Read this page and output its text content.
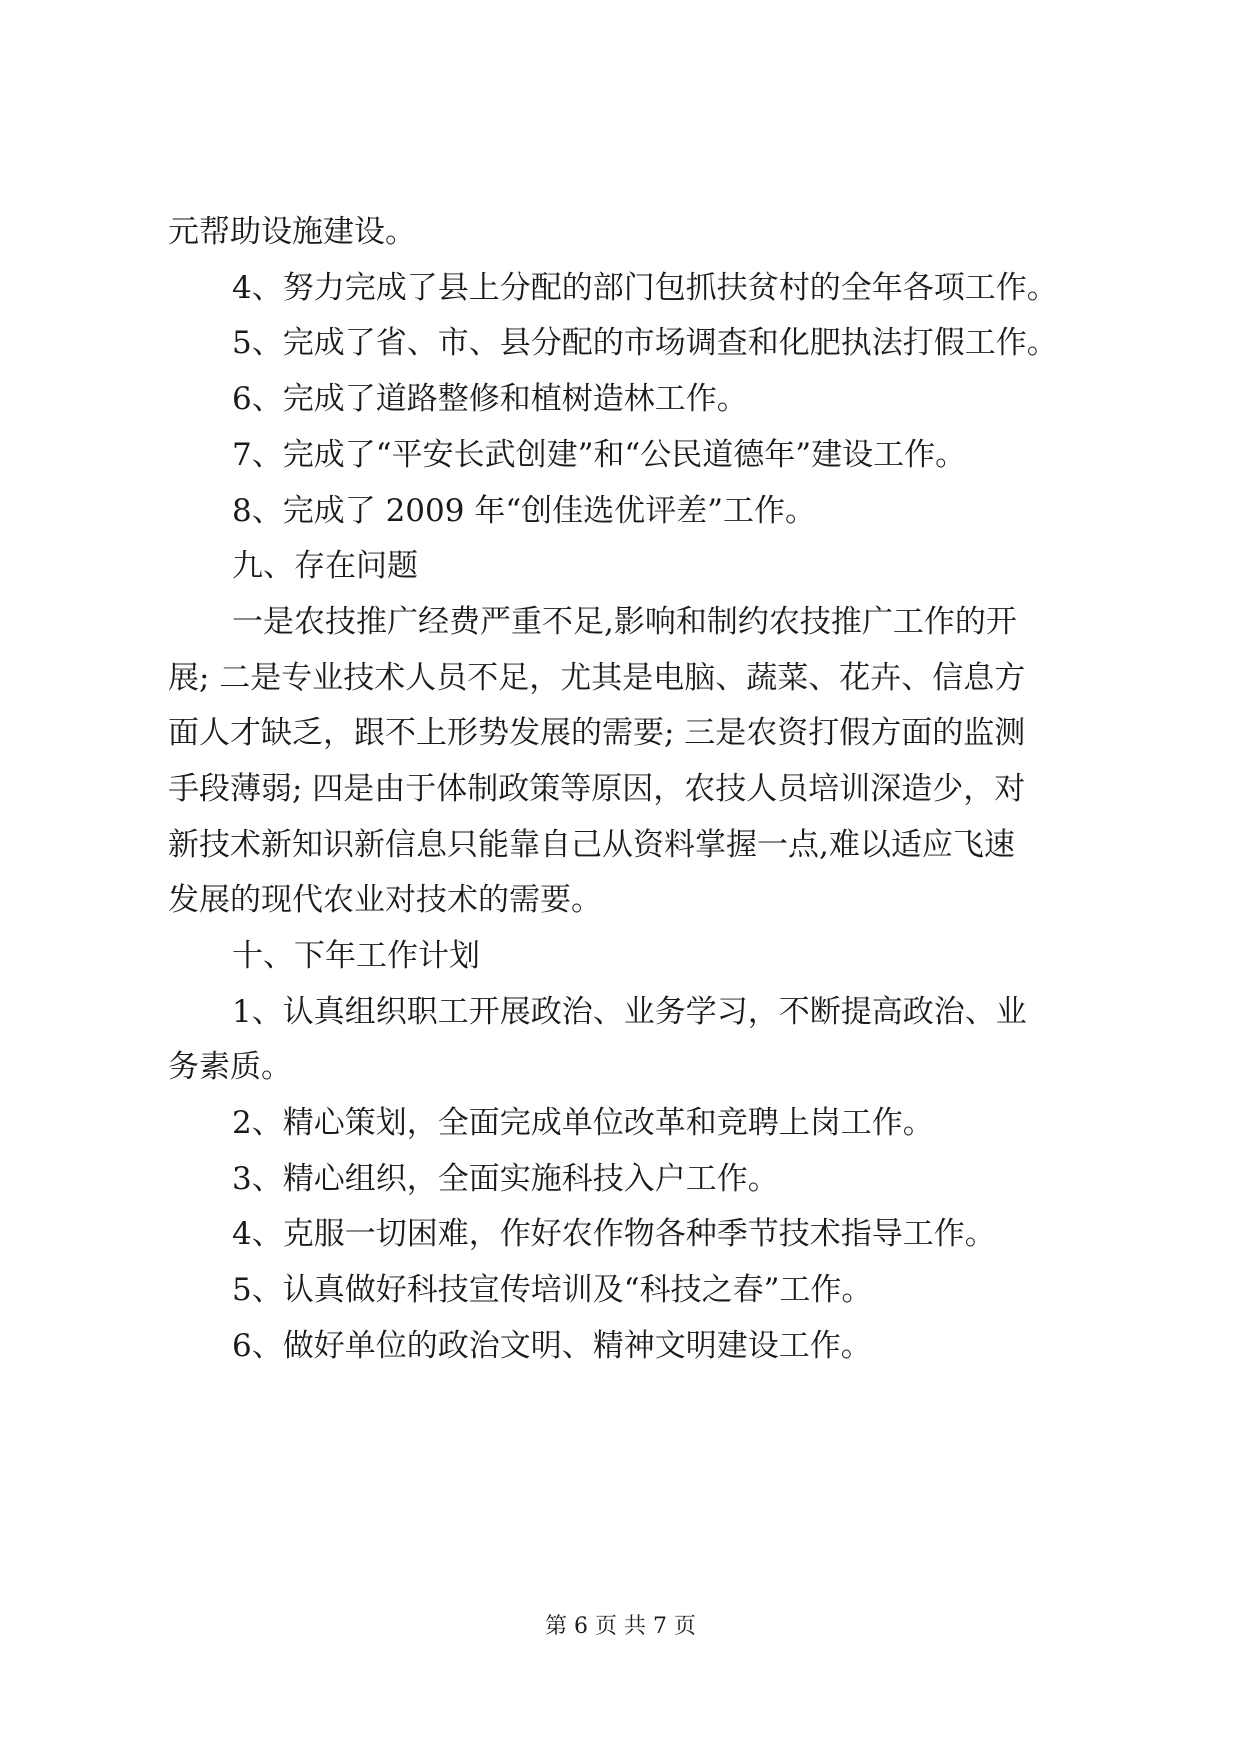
元帮助设施建设。
4、努力完成了县上分配的部门包抓扶贫村的全年各项工作。
5、完成了省、市、县分配的市场调查和化肥执法打假工作。
6、完成了道路整修和植树造林工作。
7、完成了“平安长武创建”和“公民道德年”建设工作。
8、完成了 2009 年“创佳选优评差”工作。
九、存在问题
一是农技推广经费严重不足,影响和制约农技推广工作的开
展; 二是专业技术人员不足，尤其是电脑、蔬菜、花卉、信息方
面人才缺乏，跟不上形势发展的需要; 三是农资打假方面的监测
手段薄弱; 四是由于体制政策等原因，农技人员培训深造少，对
新技术新知识新信息只能靠自己从资料掌握一点,难以适应飞速
发展的现代农业对技术的需要。
十、下年工作计划
1、认真组织职工开展政治、业务学习，不断提高政治、业
务素质。
2、精心策划，全面完成单位改革和竞聘上岗工作。
3、精心组织，全面实施科技入户工作。
4、克服一切困难，作好农作物各种季节技术指导工作。
5、认真做好科技宣传培训及“科技之春”工作。
6、做好单位的政治文明、精神文明建设工作。
第 6 页 共 7 页
